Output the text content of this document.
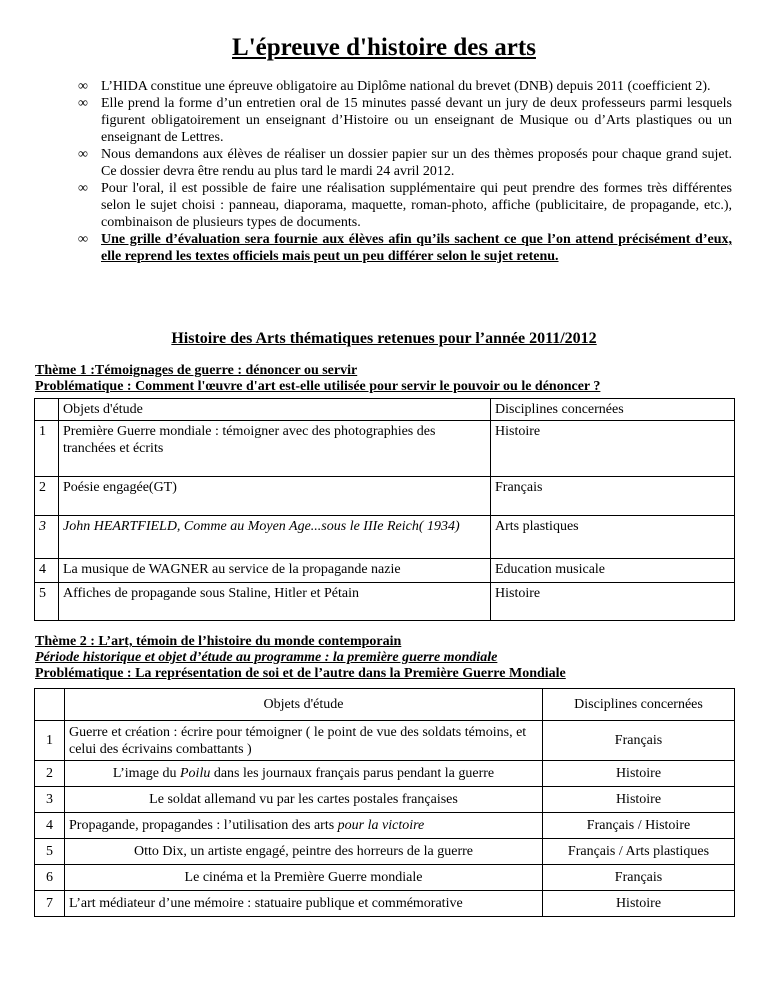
L'épreuve d'histoire des arts
∞ L’HIDA constitue une épreuve obligatoire au Diplôme national du brevet (DNB) depuis 2011 (coefficient 2).
∞ Elle prend la forme d’un entretien oral de 15 minutes passé devant un jury de deux professeurs parmi lesquels figurent obligatoirement un enseignant d’Histoire ou un enseignant de Musique ou d’Arts plastiques ou un enseignant de Lettres.
∞ Nous demandons aux élèves de réaliser un dossier papier sur un des thèmes proposés pour chaque grand sujet. Ce dossier devra être rendu au plus tard le mardi 24 avril 2012.
∞ Pour l'oral, il est possible de faire une réalisation supplémentaire qui peut prendre des formes très différentes selon le sujet choisi : panneau, diaporama, maquette, roman-photo, affiche (publicitaire, de propagande, etc.), combinaison de plusieurs types de documents.
∞ Une grille d’évaluation sera fournie aux élèves afin qu’ils sachent ce que l’on attend précisément d’eux, elle reprend les textes officiels mais peut un peu différer selon le sujet retenu.
Histoire des Arts thématiques retenues pour l’année 2011/2012
Thème 1 :Témoignages de guerre : dénoncer ou servir
Problématique : Comment l'œuvre d'art est-elle utilisée pour servir le pouvoir ou le dénoncer ?
	Objets d'étude	Disciplines concernées
1	Première Guerre mondiale : témoigner avec des photographies des tranchées et écrits	Histoire
2	Poésie engagée(GT)	Français
3	John HEARTFIELD, Comme au Moyen Age...sous le IIIe Reich( 1934)	Arts plastiques
4	La musique de WAGNER au service de la propagande nazie	Education musicale
5	Affiches de propagande sous Staline, Hitler et Pétain	Histoire
Thème 2 : L’art, témoin de l’histoire du monde contemporain
Période historique et objet d’étude au programme : la première guerre mondiale
Problématique : La représentation de soi et de l’autre dans la Première Guerre Mondiale
	Objets d'étude	Disciplines concernées
1	Guerre et création : écrire pour témoigner ( le point de vue des soldats témoins, et celui des écrivains combattants )	Français
2	L’image du Poilu dans les journaux français parus pendant la guerre	Histoire
3	Le soldat allemand vu par les cartes postales françaises	Histoire
4	Propagande, propagandes : l’utilisation des arts pour la victoire	Français / Histoire
5	Otto Dix, un artiste engagé, peintre des horreurs de la guerre	Français / Arts plastiques
6	Le cinéma et la Première Guerre mondiale	Français
7	L’art médiateur d’une mémoire : statuaire publique et commémorative	Histoire
